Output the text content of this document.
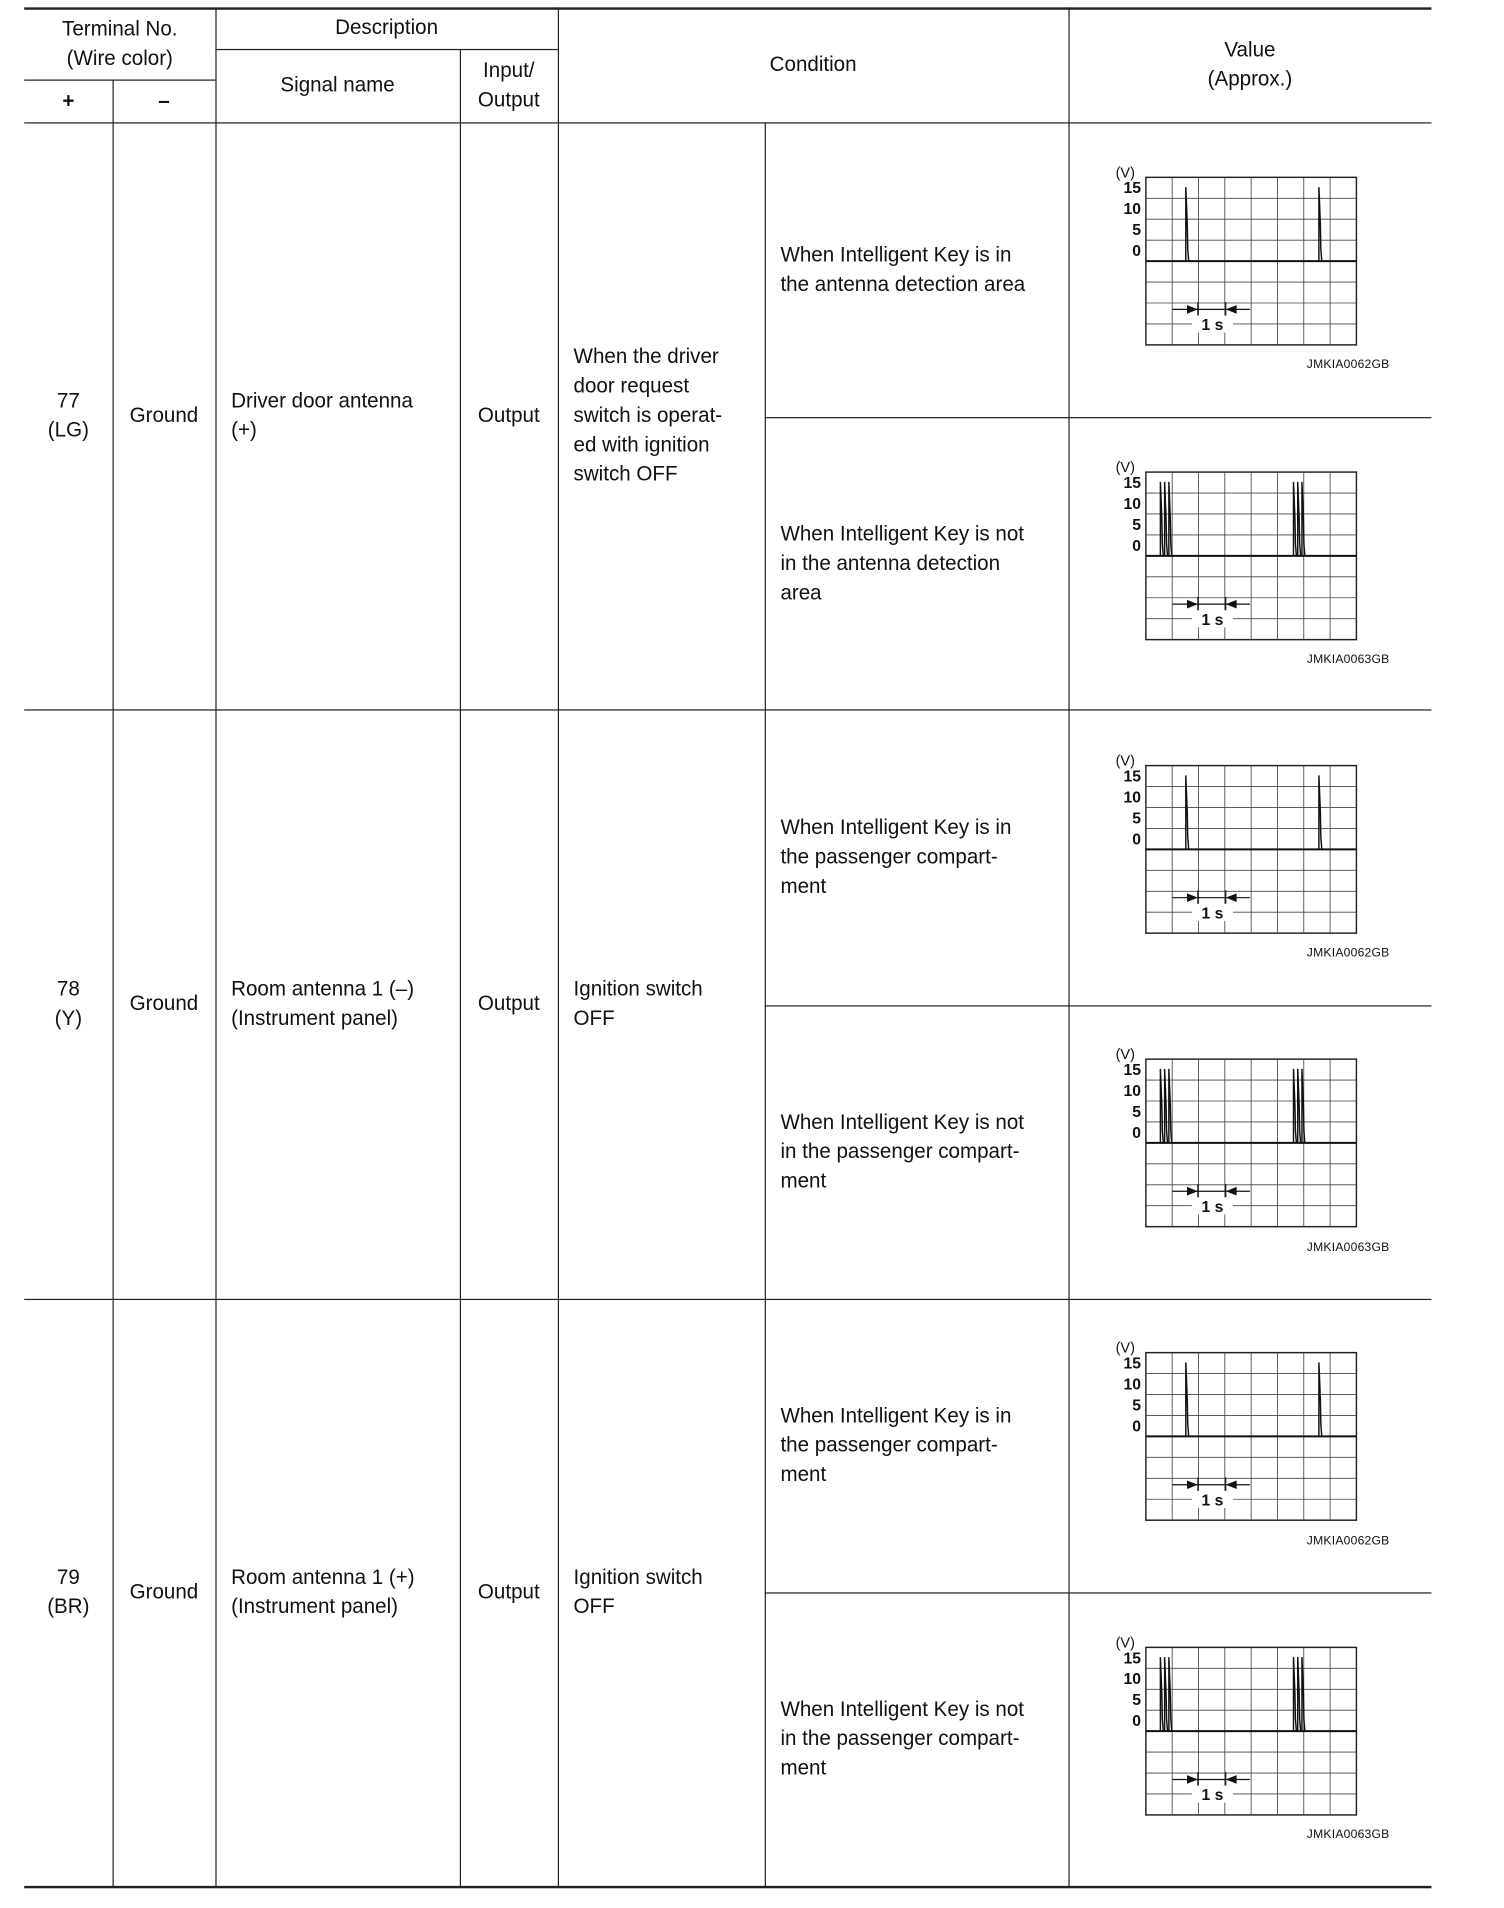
Terminal No.
(Wire color)
+	–
Description
Signal name
Input/
Output
Condition
Value
(Approx.)
77
(LG)
Ground
Driver door antenna
(+)
Output
When the driver
door request
switch is operat-
ed with ignition
switch OFF
When Intelligent Key is in
the antenna detection area
When Intelligent Key is not
in the antenna detection
area
(V)
15
10
5
0
1 s
(V)
15
10
5
0
1 s
JMKIA0062GB
JMKIA0063GB
78
(Y)
Ground
Room antenna 1 (–)
(Instrument panel)
Output
Ignition switch
OFF
When Intelligent Key is in
the passenger compart-
ment
When Intelligent Key is not
in the passenger compart-
ment
(V)
15
10
5
0
1 s
(V)
15
10
5
0
1 s
JMKIA0062GB
JMKIA0063GB
79
(BR)
Ground
Room antenna 1 (+)
(Instrument panel)
Output
Ignition switch
OFF
When Intelligent Key is in
the passenger compart-
ment
When Intelligent Key is not
in the passenger compart-
ment
(V)
15
10
5
0
1 s
(V)
15
10
5
0
1 s
JMKIA0062GB
JMKIA0063GB
